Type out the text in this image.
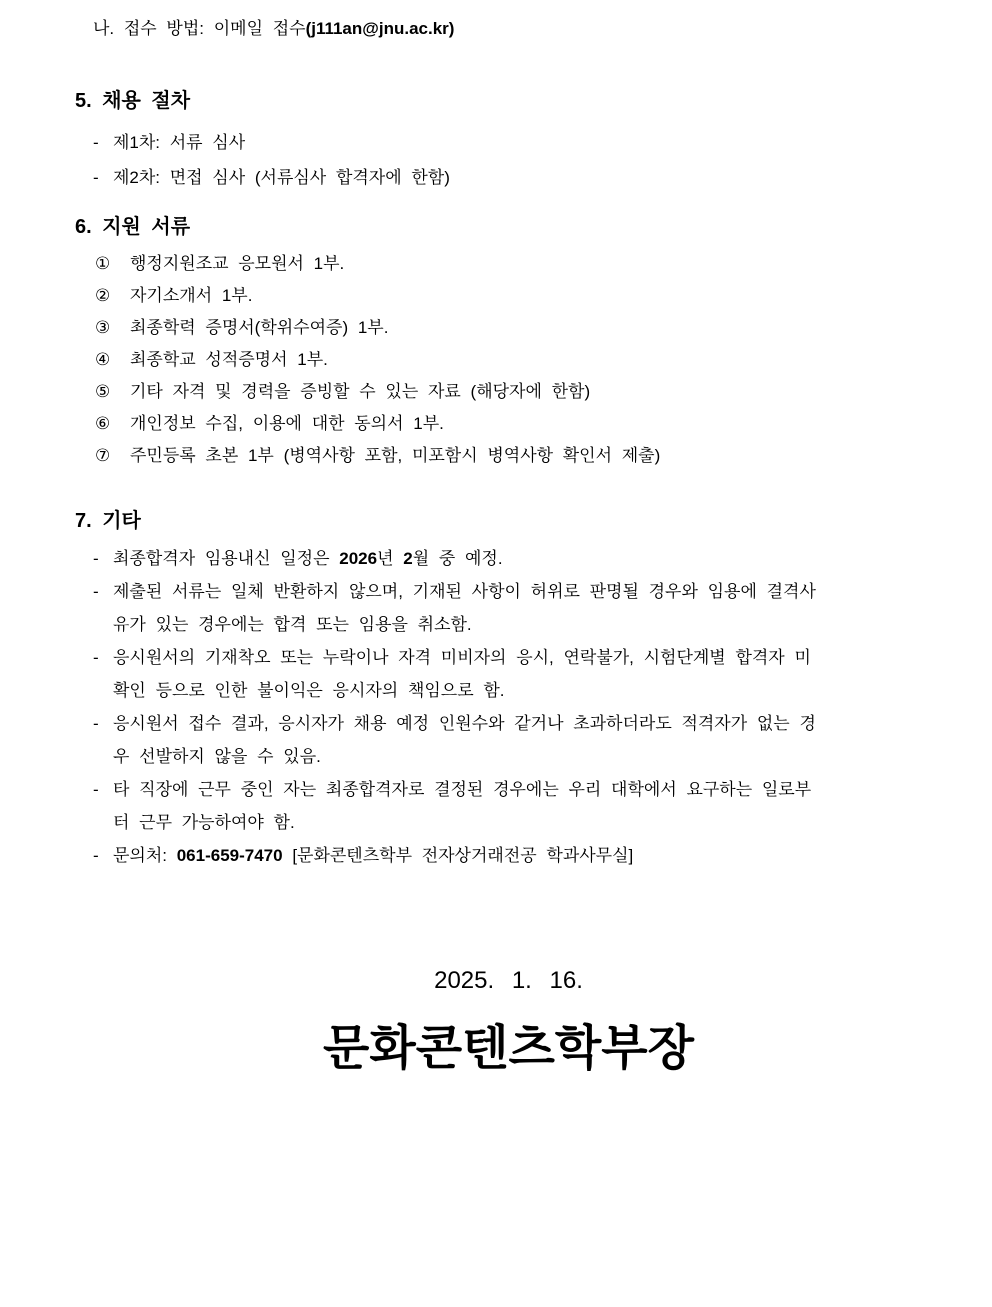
나. 접수 방법: 이메일 접수(j111an@jnu.ac.kr)

5. 채용 절차
- 제1차: 서류 심사
- 제2차: 면접 심사 (서류심사 합격자에 한함)
6. 지원 서류
①	행정지원조교 응모원서 1부.
②	자기소개서 1부.
③	최종학력 증명서(학위수여증) 1부.
④	최종학교 성적증명서 1부.
⑤	기타 자격 및 경력을 증빙할 수 있는 자료 (해당자에 한함)
⑥	개인정보 수집, 이용에 대한 동의서 1부.
⑦	주민등록 초본 1부 (병역사항 포함, 미포함시 병역사항 확인서 제출)
7. 기타
- 최종합격자 임용내신 일정은 2026년 2월 중 예정.
- 제출된 서류는 일체 반환하지 않으며, 기재된 사항이 허위로 판명될 경우와 임용에 결격사
유가 있는 경우에는 합격 또는 임용을 취소함.
- 응시원서의 기재착오 또는 누락이나 자격 미비자의 응시, 연락불가, 시험단계별 합격자 미
확인 등으로 인한 불이익은 응시자의 책임으로 함.
- 응시원서 접수 결과, 응시자가 채용 예정 인원수와 같거나 초과하더라도 적격자가 없는 경
우 선발하지 않을 수 있음.
- 타 직장에 근무 중인 자는 최종합격자로 결정된 경우에는 우리 대학에서 요구하는 일로부
터 근무 가능하여야 함.
- 문의처: 061-659-7470 [문화콘텐츠학부 전자상거래전공 학과사무실]
2025. 1. 16.
문화콘텐츠학부장
